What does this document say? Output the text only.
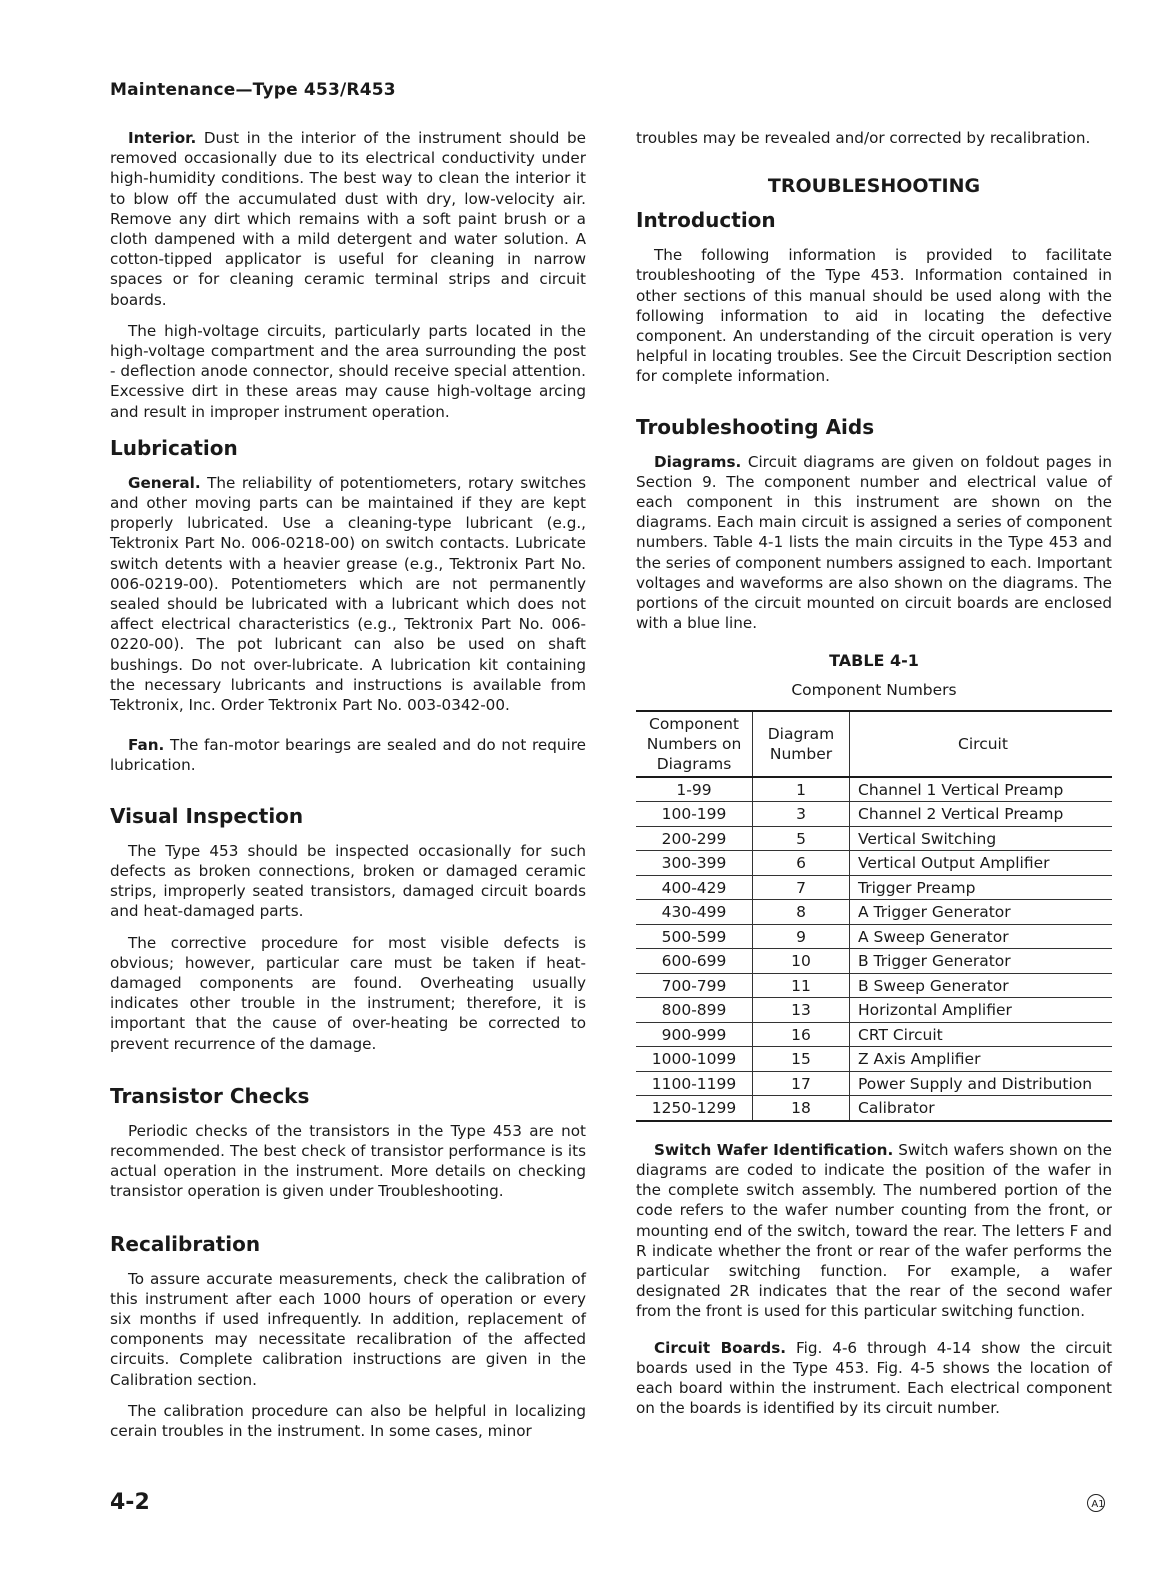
Maintenance—Type 453/R453

Interior. Dust in the interior of the instrument should be removed occasionally due to its electrical conductivity under high-humidity conditions. The best way to clean the interior it to blow off the accumulated dust with dry, low-velocity air. Remove any dirt which remains with a soft paint brush or a cloth dampened with a mild detergent and water solution. A cotton-tipped applicator is useful for cleaning in narrow spaces or for cleaning ceramic terminal strips and circuit boards.

The high-voltage circuits, particularly parts located in the high-voltage compartment and the area surrounding the post - deflection anode connector, should receive special attention. Excessive dirt in these areas may cause high-voltage arcing and result in improper instrument operation.

Lubrication

General. The reliability of potentiometers, rotary switches and other moving parts can be maintained if they are kept properly lubricated. Use a cleaning-type lubricant (e.g., Tektronix Part No. 006-0218-00) on switch contacts. Lubricate switch detents with a heavier grease (e.g., Tektronix Part No. 006-0219-00). Potentiometers which are not permanently sealed should be lubricated with a lubricant which does not affect electrical characteristics (e.g., Tektronix Part No. 006-0220-00). The pot lubricant can also be used on shaft bushings. Do not over-lubricate. A lubrication kit containing the necessary lubricants and instructions is available from Tektronix, Inc. Order Tektronix Part No. 003-0342-00.

Fan. The fan-motor bearings are sealed and do not require lubrication.

Visual Inspection

The Type 453 should be inspected occasionally for such defects as broken connections, broken or damaged ceramic strips, improperly seated transistors, damaged circuit boards and heat-damaged parts.

The corrective procedure for most visible defects is obvious; however, particular care must be taken if heat-damaged components are found. Overheating usually indicates other trouble in the instrument; therefore, it is important that the cause of over-heating be corrected to prevent recurrence of the damage.

Transistor Checks

Periodic checks of the transistors in the Type 453 are not recommended. The best check of transistor performance is its actual operation in the instrument. More details on checking transistor operation is given under Troubleshooting.

Recalibration

To assure accurate measurements, check the calibration of this instrument after each 1000 hours of operation or every six months if used infrequently. In addition, replacement of components may necessitate recalibration of the affected circuits. Complete calibration instructions are given in the Calibration section.

The calibration procedure can also be helpful in localizing cerain troubles in the instrument. In some cases, minor

troubles may be revealed and/or corrected by recalibration.

TROUBLESHOOTING
Introduction

The following information is provided to facilitate troubleshooting of the Type 453. Information contained in other sections of this manual should be used along with the following information to aid in locating the defective component. An understanding of the circuit operation is very helpful in locating troubles. See the Circuit Description section for complete information.

Troubleshooting Aids

Diagrams. Circuit diagrams are given on foldout pages in Section 9. The component number and electrical value of each component in this instrument are shown on the diagrams. Each main circuit is assigned a series of component numbers. Table 4-1 lists the main circuits in the Type 453 and the series of component numbers assigned to each. Important voltages and waveforms are also shown on the diagrams. The portions of the circuit mounted on circuit boards are enclosed with a blue line.

TABLE 4-1
Component Numbers
Component Numbers on Diagrams	Diagram Number	Circuit
1-99	1	Channel 1 Vertical Preamp
100-199	3	Channel 2 Vertical Preamp
200-299	5	Vertical Switching
300-399	6	Vertical Output Amplifier
400-429	7	Trigger Preamp
430-499	8	A Trigger Generator
500-599	9	A Sweep Generator
600-699	10	B Trigger Generator
700-799	11	B Sweep Generator
800-899	13	Horizontal Amplifier
900-999	16	CRT Circuit
1000-1099	15	Z Axis Amplifier
1100-1199	17	Power Supply and Distribution
1250-1299	18	Calibrator

Switch Wafer Identification. Switch wafers shown on the diagrams are coded to indicate the position of the wafer in the complete switch assembly. The numbered portion of the code refers to the wafer number counting from the front, or mounting end of the switch, toward the rear. The letters F and R indicate whether the front or rear of the wafer performs the particular switching function. For example, a wafer designated 2R indicates that the rear of the second wafer from the front is used for this particular switching function.

Circuit Boards. Fig. 4-6 through 4-14 show the circuit boards used in the Type 453. Fig. 4-5 shows the location of each board within the instrument. Each electrical component on the boards is identified by its circuit number.

4-2	A1
